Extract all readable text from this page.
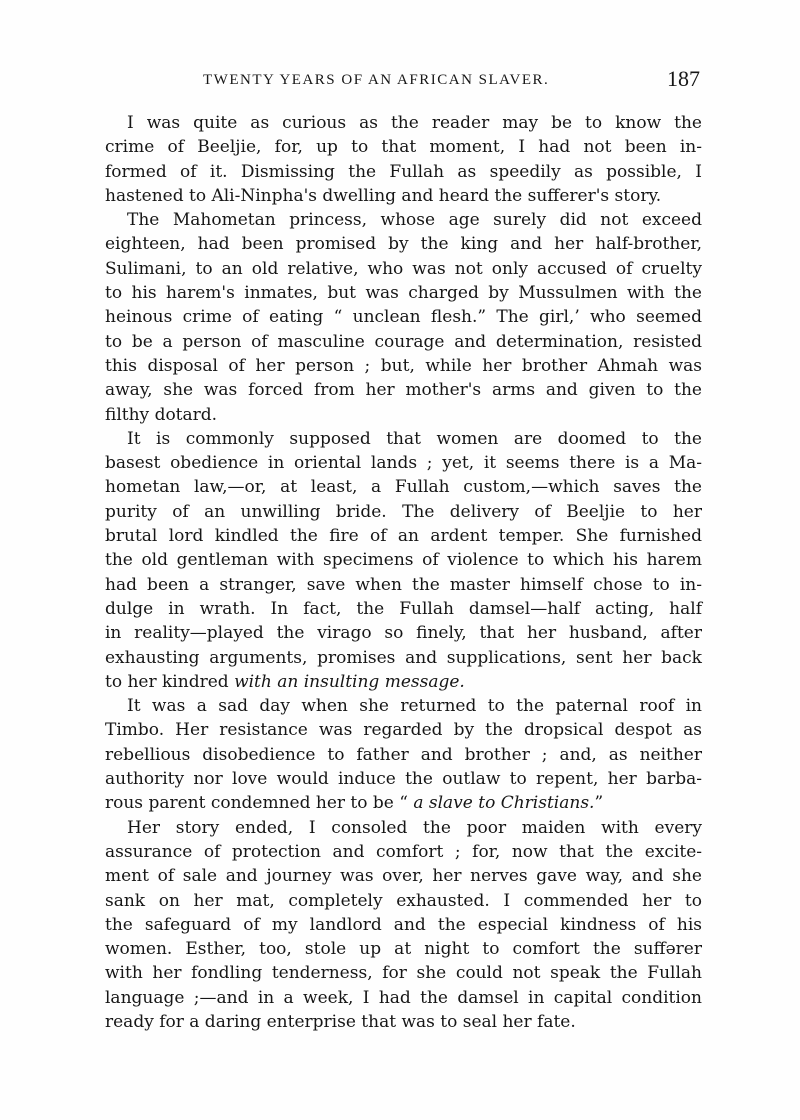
TWENTY YEARS OF AN AFRICAN SLAVER.	187

I was quite as curious as the reader may be to know the

crime of Beeljie, for, up to that moment, I had not been in-

formed of it. Dismissing the Fullah as speedily as possible, I

hastened to Ali-Ninpha's dwelling and heard the sufferer's story.

The Mahometan princess, whose age surely did not exceed

eighteen, had been promised by the king and her half-brother,

Sulimani, to an old relative, who was not only accused of cruelty

to his harem's inmates, but was charged by Mussulmen with the

heinous crime of eating “ unclean flesh.” The girl,’ who seemed

to be a person of masculine courage and determination, resisted

this disposal of her person ; but, while her brother Ahmah was

away, she was forced from her mother's arms and given to the

filthy dotard.

It is commonly supposed that women are doomed to the

basest obedience in oriental lands ; yet, it seems there is a Ma-

hometan law,—or, at least, a Fullah custom,—which saves the

purity of an unwilling bride. The delivery of Beeljie to her

brutal lord kindled the fire of an ardent temper. She furnished

the old gentleman with specimens of violence to which his harem

had been a stranger, save when the master himself chose to in-

dulge in wrath. In fact, the Fullah damsel—half acting, half

in reality—played the virago so finely, that her husband, after

exhausting arguments, promises and supplications, sent her back

to her kindred with an insulting message.

It was a sad day when she returned to the paternal roof in

Timbo. Her resistance was regarded by the dropsical despot as

rebellious disobedience to father and brother ; and, as neither

authority nor love would induce the outlaw to repent, her barba-

rous parent condemned her to be “ a slave to Christians.”

Her story ended, I consoled the poor maiden with every

assurance of protection and comfort ; for, now that the excite-

ment of sale and journey was over, her nerves gave way, and she

sank on her mat, completely exhausted. I commended her to

the safeguard of my landlord and the especial kindness of his

women. Esther, too, stole up at night to comfort the suffərer

with her fondling tenderness, for she could not speak the Fullah

language ;—and in a week, I had the damsel in capital condition

ready for a daring enterprise that was to seal her fate.
